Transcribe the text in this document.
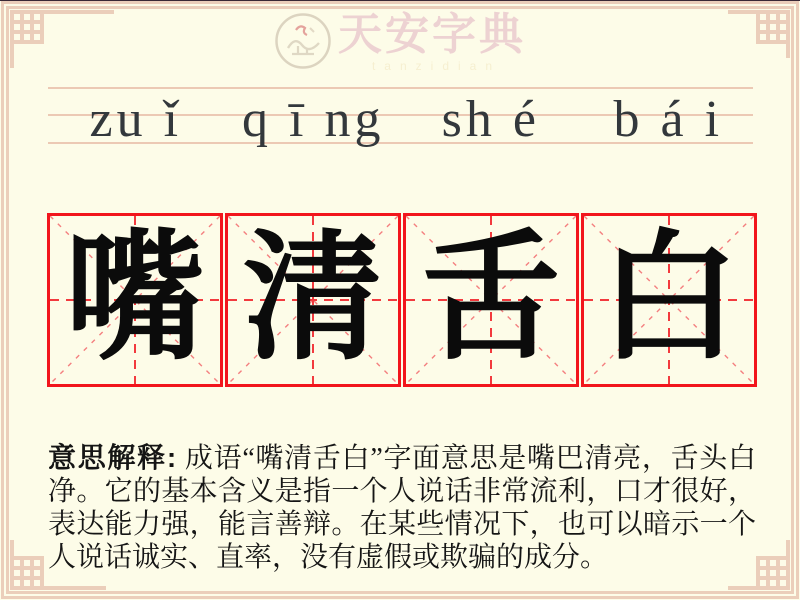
天安字典
tanzidian
zu ǐ	q ī ng	sh é	b á i
嘴 清 舌 白
意思解释: 成语“嘴清舌白”字面意思是嘴巴清亮，舌头白净。它的基本含义是指一个人说话非常流利，口才很好，表达能力强，能言善辩。在某些情况下，也可以暗示一个人说话诚实、直率，没有虚假或欺骗的成分。
